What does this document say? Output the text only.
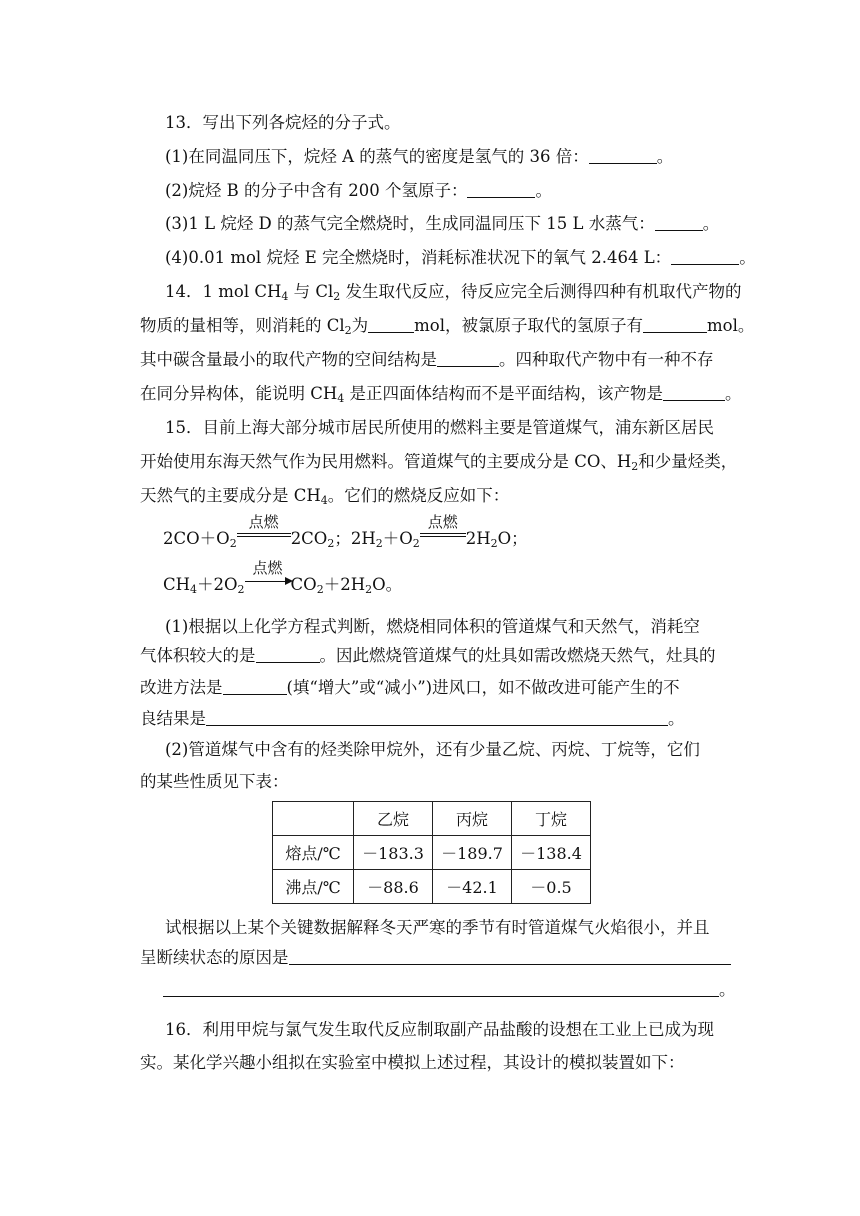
13．写出下列各烷烃的分子式。
(1)在同温同压下，烷烃 A 的蒸气的密度是氢气的 36 倍：	。
(2)烷烃 B 的分子中含有 200 个氢原子：	。
(3)1 L 烷烃 D 的蒸气完全燃烧时，生成同温同压下 15 L 水蒸气：	。
(4)0.01 mol 烷烃 E 完全燃烧时，消耗标准状况下的氧气 2.464 L：	。
14．1 mol $CH_4$ 与 $Cl_2$ 发生取代反应，待反应完全后测得四种有机取代产物的
物质的量相等，则消耗的 $Cl_2$为	mol，被氯原子取代的氢原子有	mol。
其中碳含量最小的取代产物的空间结构是	。四种取代产物中有一种不存
在同分异构体，能说明 $CH_4$ 是正四面体结构而不是平面结构，该产物是	。
15．目前上海大部分城市居民所使用的燃料主要是管道煤气，浦东新区居民
开始使用东海天然气作为民用燃料。管道煤气的主要成分是 CO、$H_2$和少量烃类，
天然气的主要成分是 $CH_4$。它们的燃烧反应如下：
$2CO+O_2$
点燃
$2CO_2$；$2H_2+O_2$
点燃
$2H_2O$；
$CH_4+2O_2$
点燃
$CO_2+2H_2O$。
(1)根据以上化学方程式判断，燃烧相同体积的管道煤气和天然气，消耗空
气体积较大的是	。因此燃烧管道煤气的灶具如需改燃烧天然气，灶具的
改进方法是	(填“增大”或“减小”)进风口，如不做改进可能产生的不
良结果是	。
(2)管道煤气中含有的烃类除甲烷外，还有少量乙烷、丙烷、丁烷等，它们
的某些性质见下表：
	乙烷	丙烷	丁烷
熔点/℃	－183.3	－189.7	－138.4
沸点/℃	－88.6	－42.1	－0.5
试根据以上某个关键数据解释冬天严寒的季节有时管道煤气火焰很小，并且
呈断续状态的原因是
。
16．利用甲烷与氯气发生取代反应制取副产品盐酸的设想在工业上已成为现
实。某化学兴趣小组拟在实验室中模拟上述过程，其设计的模拟装置如下：
